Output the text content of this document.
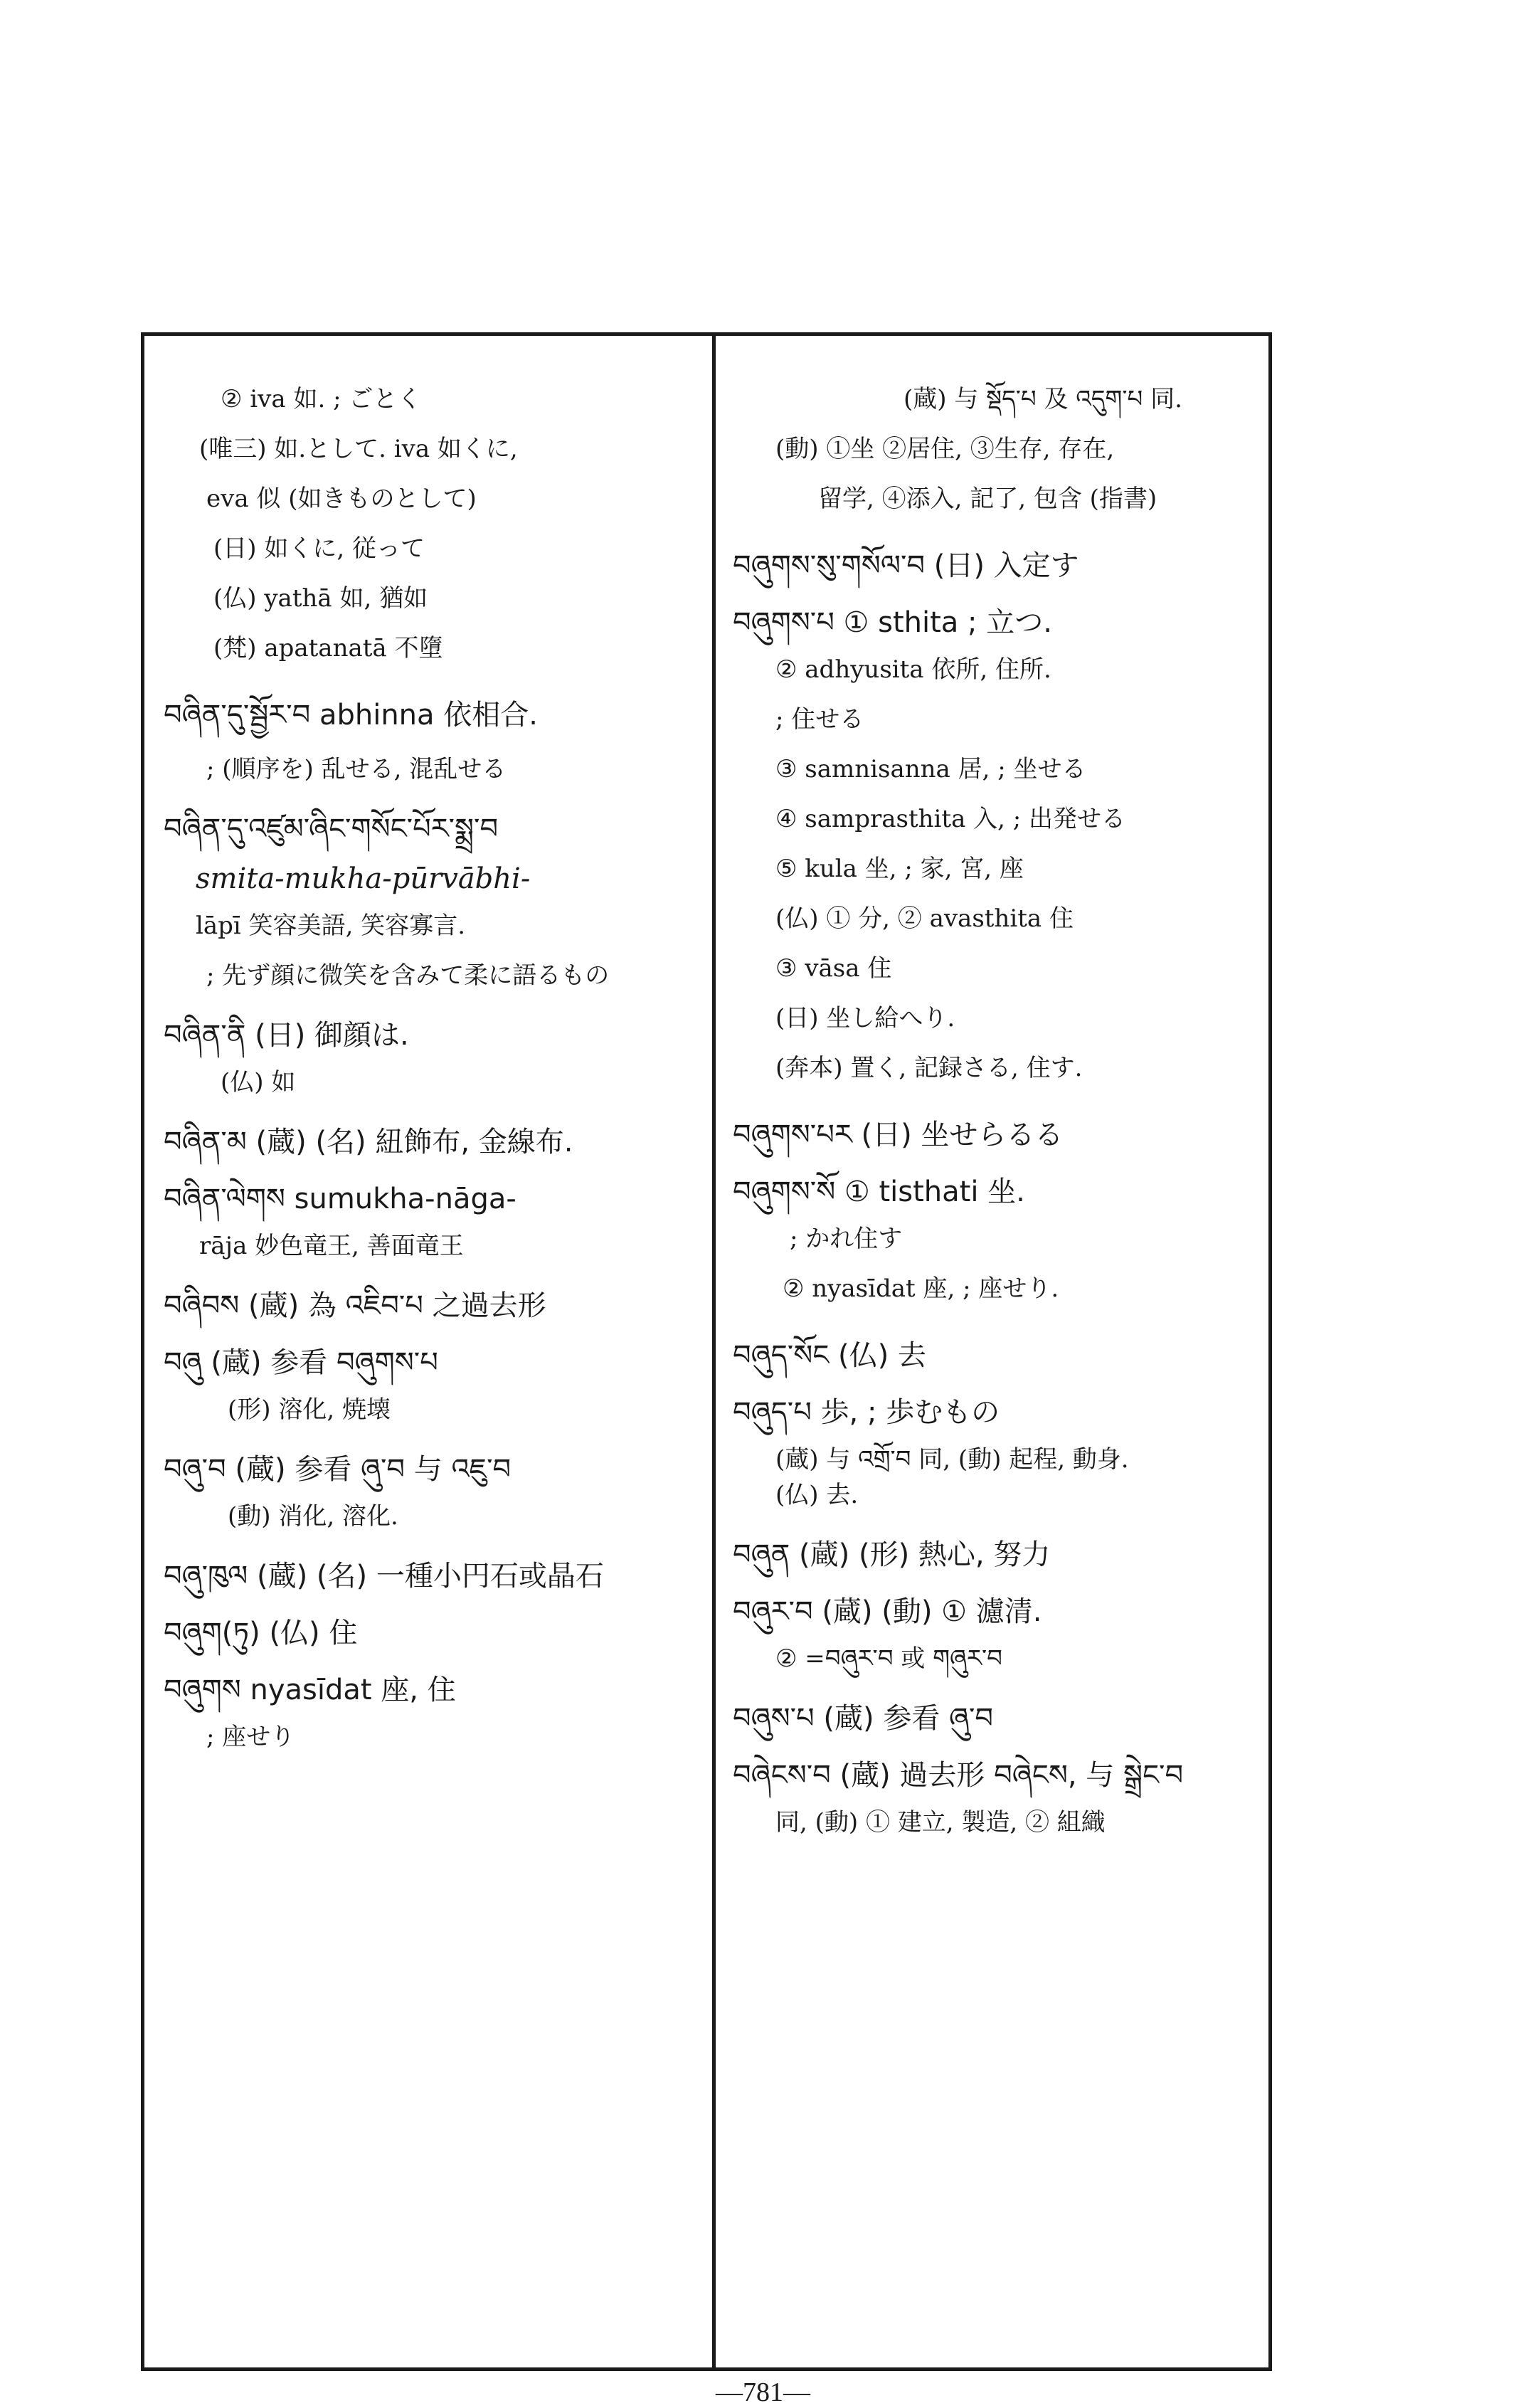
② iva 如. ; ごとく
(唯三) 如.として. iva 如くに,
eva 似 (如きものとして)
(日) 如くに, 従って
(仏) yathā 如, 猶如
(梵) apatanatā 不墮
བཞིན་དུ་སྦྱོར་བ abhinna 依相合.
; (順序を) 乱せる, 混乱せる
བཞིན་དུ་འཛུམ་ཞིང་གསོང་པོར་སྨྲ་བ
smita-mukha-pūrvābhi-
lāpī 笑容美語, 笑容寡言.
; 先ず顔に微笑を含みて柔に語るもの
བཞིན་ནི (日) 御顔は.
(仏) 如
བཞིན་མ (蔵) (名) 紐飾布, 金線布.
བཞིན་ལེགས sumukha-nāga-
rāja 妙色竜王, 善面竜王
བཞིབས (蔵) 為 འཇིབ་པ 之過去形
བཞུ (蔵) 参看 བཞུགས་པ
(形) 溶化, 焼壊
བཞུ་བ (蔵) 参看 ཞུ་བ 与 འཇུ་བ
(動) 消化, 溶化.
བཞུ་ཁུལ (蔵) (名) 一種小円石或晶石
བཞུག(ཏུ) (仏) 住
བཞུགས nyasīdat 座, 住
; 座せり
(蔵) 与 སྡོད་པ 及 འདུག་པ 同.
(動) ①坐 ②居住, ③生存, 存在,
留学, ④添入, 記了, 包含 (指書)
བཞུགས་སུ་གསོལ་བ (日) 入定す
བཞུགས་པ ① sthita ; 立つ.
② adhyusita 依所, 住所.
; 住せる
③ samnisanna 居, ; 坐せる
④ samprasthita 入, ; 出発せる
⑤ kula 坐, ; 家, 宮, 座
(仏) ① 分, ② avasthita 住
③ vāsa 住
(日) 坐し給へり.
(奔本) 置く, 記録さる, 住す.
བཞུགས་པར (日) 坐せらるる
བཞུགས་སོ ① tisthati 坐.
; かれ住す
② nyasīdat 座, ; 座せり.
བཞུད་སོང (仏) 去
བཞུད་པ 歩, ; 歩むもの
(蔵) 与 འགྲོ་བ 同, (動) 起程, 動身.
(仏) 去.
བཞུན (蔵) (形) 熱心, 努力
བཞུར་བ (蔵) (動) ① 濾清.
② =བཞུར་བ 或 གཞུར་བ
བཞུས་པ (蔵) 参看 ཞུ་བ
བཞེངས་བ (蔵) 過去形 བཞེངས, 与 སྒྲེང་བ
同, (動) ① 建立, 製造, ② 組織
—781—
